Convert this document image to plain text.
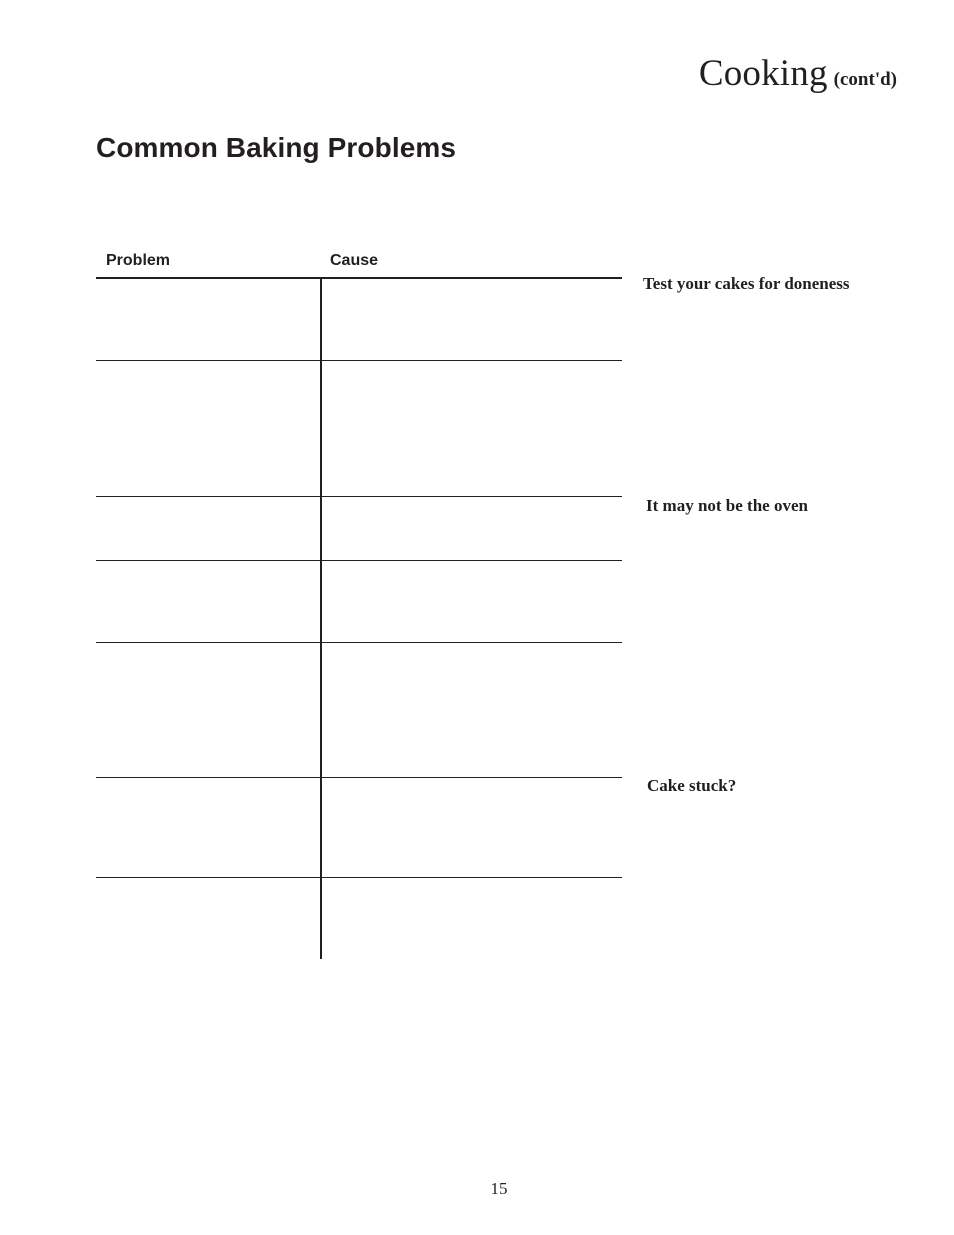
Cooking (cont'd)
Common Baking Problems
Problem	Cause
Test your cakes for doneness
It may not be the oven
Cake stuck?
15
